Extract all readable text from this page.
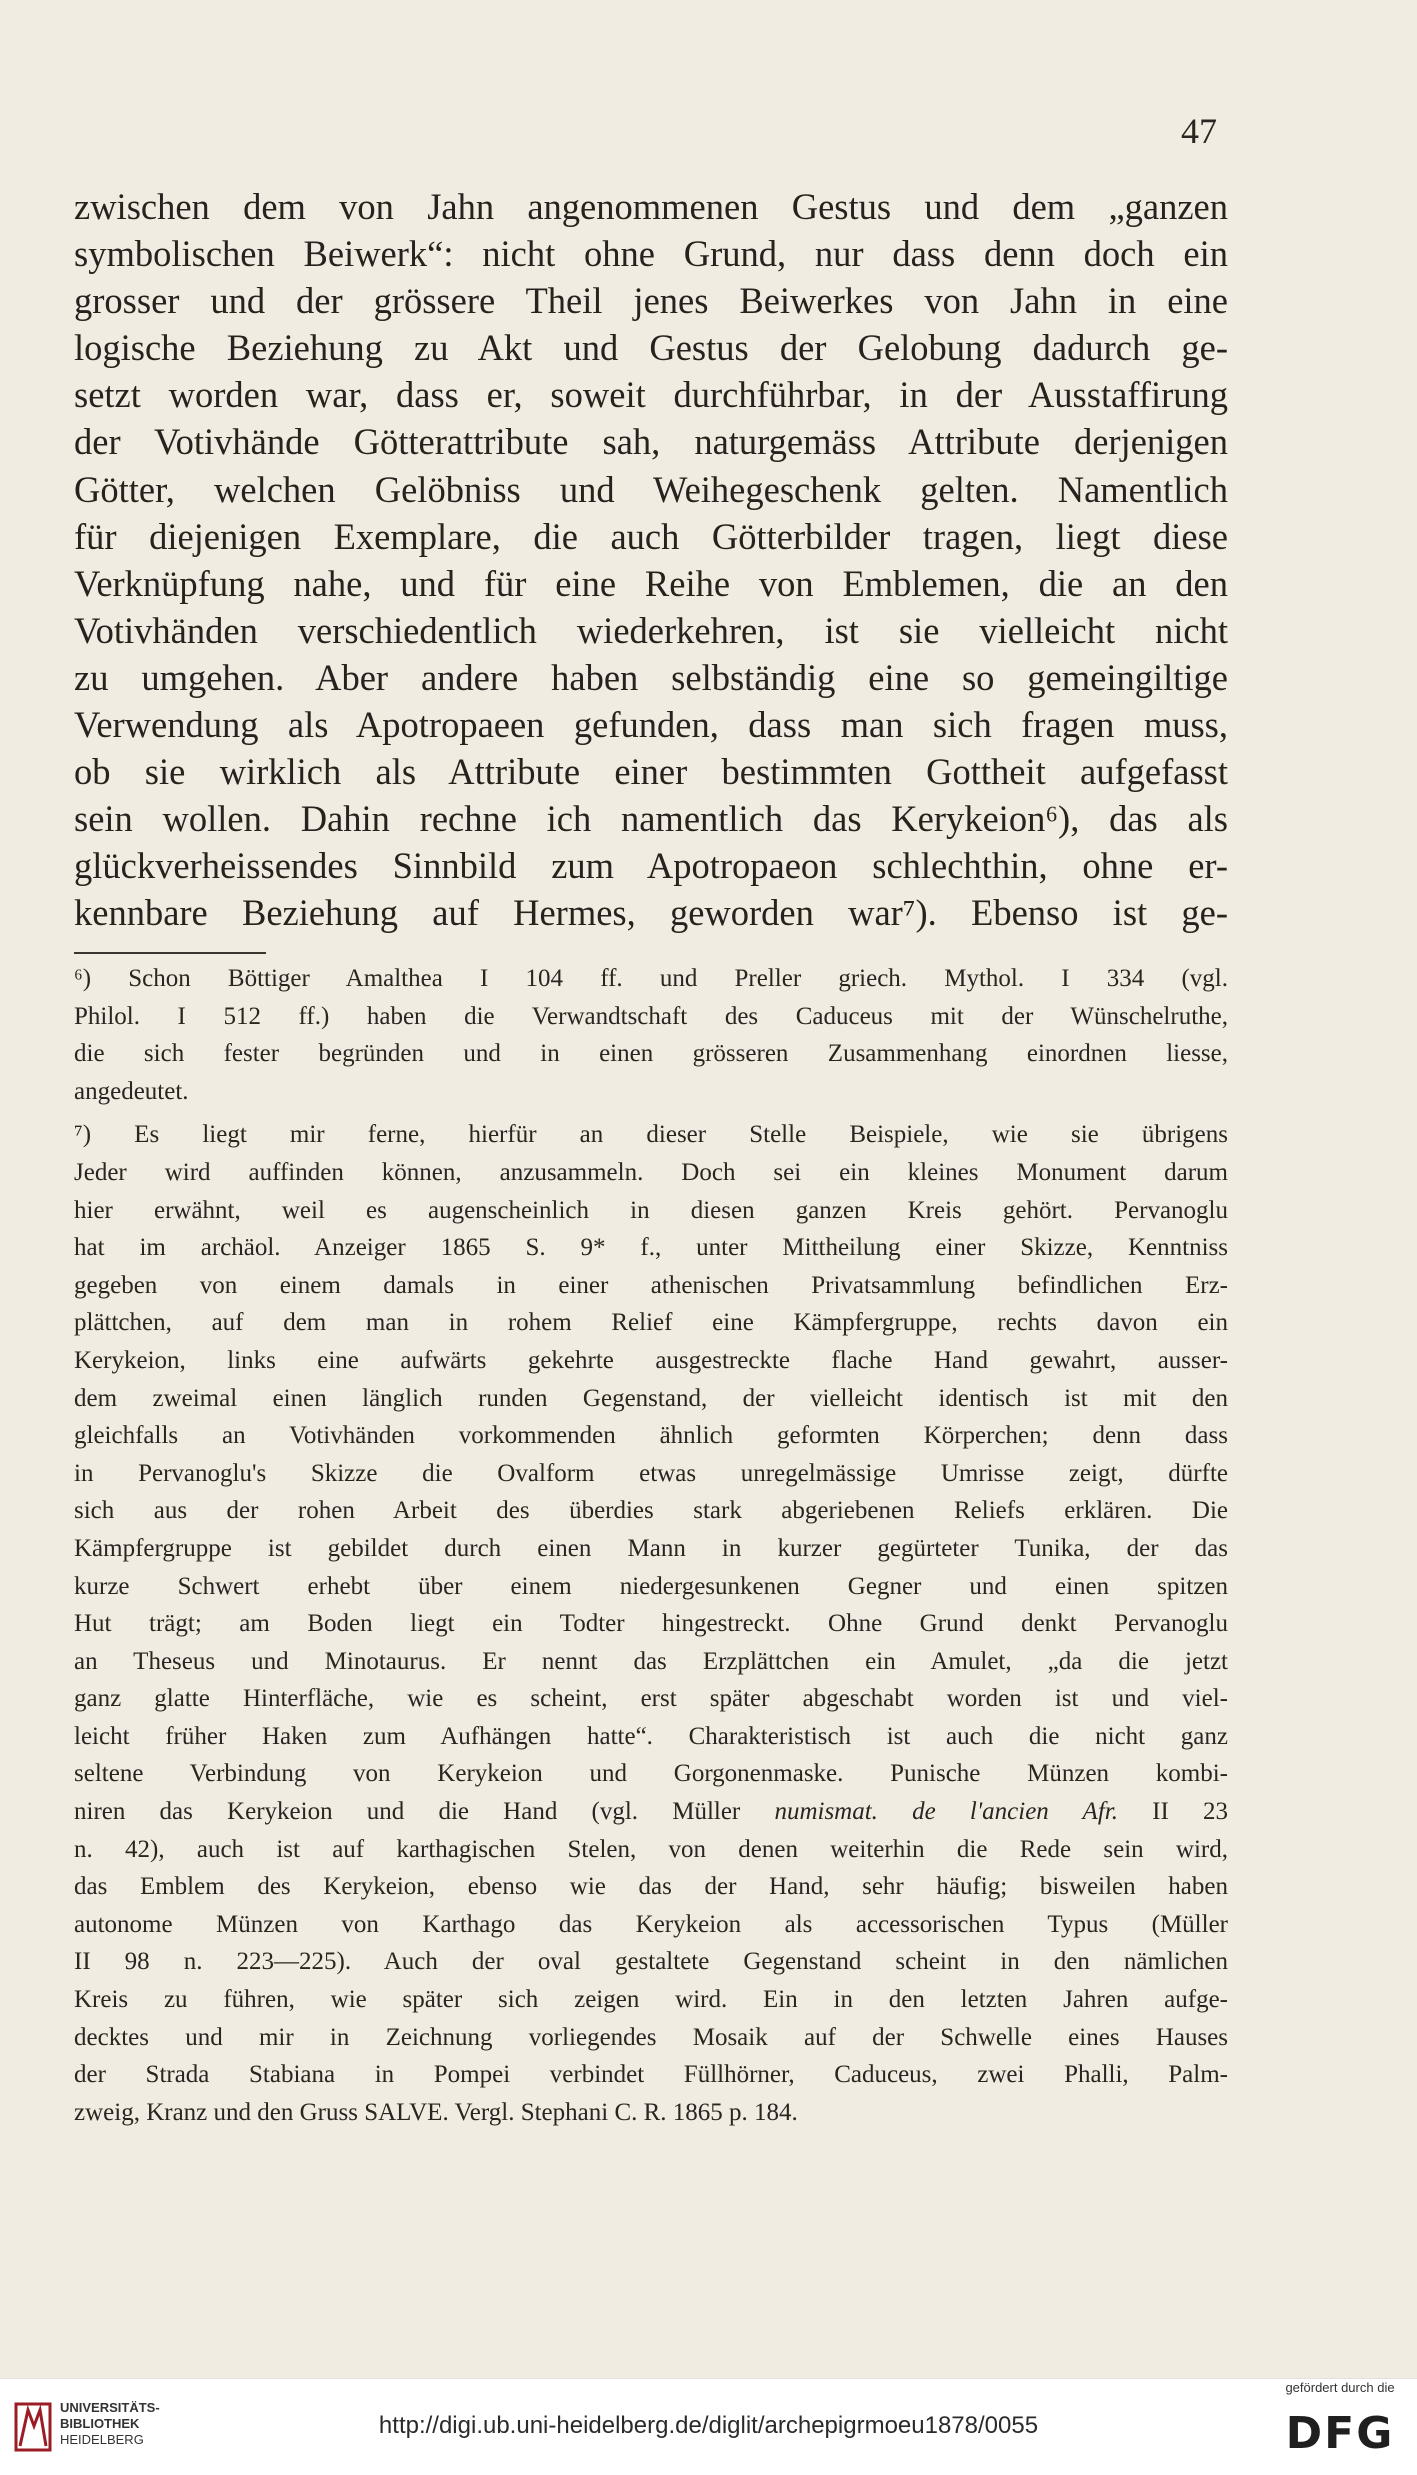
47
zwischen dem von Jahn angenommenen Gestus und dem „ganzen
symbolischen Beiwerk“: nicht ohne Grund, nur dass denn doch ein
grosser und der grössere Theil jenes Beiwerkes von Jahn in eine
logische Beziehung zu Akt und Gestus der Gelobung dadurch ge-
setzt worden war, dass er, soweit durchführbar, in der Ausstaffirung
der Votivhände Götterattribute sah, naturgemäss Attribute derjenigen
Götter, welchen Gelöbniss und Weihegeschenk gelten. Namentlich
für diejenigen Exemplare, die auch Götterbilder tragen, liegt diese
Verknüpfung nahe, und für eine Reihe von Emblemen, die an den
Votivhänden verschiedentlich wiederkehren, ist sie vielleicht nicht
zu umgehen. Aber andere haben selbständig eine so gemeingiltige
Verwendung als Apotropaeen gefunden, dass man sich fragen muss,
ob sie wirklich als Attribute einer bestimmten Gottheit aufgefasst
sein wollen. Dahin rechne ich namentlich das Kerykeion⁶), das als
glückverheissendes Sinnbild zum Apotropaeon schlechthin, ohne er-
kennbare Beziehung auf Hermes, geworden war⁷). Ebenso ist ge-
⁶) Schon Böttiger Amalthea I 104 ff. und Preller griech. Mythol. I 334 (vgl.
Philol. I 512 ff.) haben die Verwandtschaft des Caduceus mit der Wünschelruthe,
die sich fester begründen und in einen grösseren Zusammenhang einordnen liesse,
angedeutet.
⁷) Es liegt mir ferne, hierfür an dieser Stelle Beispiele, wie sie übrigens
Jeder wird auffinden können, anzusammeln. Doch sei ein kleines Monument darum
hier erwähnt, weil es augenscheinlich in diesen ganzen Kreis gehört. Pervanoglu
hat im archäol. Anzeiger 1865 S. 9* f., unter Mittheilung einer Skizze, Kenntniss
gegeben von einem damals in einer athenischen Privatsammlung befindlichen Erz-
plättchen, auf dem man in rohem Relief eine Kämpfergruppe, rechts davon ein
Kerykeion, links eine aufwärts gekehrte ausgestreckte flache Hand gewahrt, ausser-
dem zweimal einen länglich runden Gegenstand, der vielleicht identisch ist mit den
gleichfalls an Votivhänden vorkommenden ähnlich geformten Körperchen; denn dass
in Pervanoglu's Skizze die Ovalform etwas unregelmässige Umrisse zeigt, dürfte
sich aus der rohen Arbeit des überdies stark abgeriebenen Reliefs erklären. Die
Kämpfergruppe ist gebildet durch einen Mann in kurzer gegürteter Tunika, der das
kurze Schwert erhebt über einem niedergesunkenen Gegner und einen spitzen
Hut trägt; am Boden liegt ein Todter hingestreckt. Ohne Grund denkt Pervanoglu
an Theseus und Minotaurus. Er nennt das Erzplättchen ein Amulet, „da die jetzt
ganz glatte Hinterfläche, wie es scheint, erst später abgeschabt worden ist und viel-
leicht früher Haken zum Aufhängen hatte“. Charakteristisch ist auch die nicht ganz
seltene Verbindung von Kerykeion und Gorgonenmaske. Punische Münzen kombi-
niren das Kerykeion und die Hand (vgl. Müller numismat. de l'ancien Afr. II 23
n. 42), auch ist auf karthagischen Stelen, von denen weiterhin die Rede sein wird,
das Emblem des Kerykeion, ebenso wie das der Hand, sehr häufig; bisweilen haben
autonome Münzen von Karthago das Kerykeion als accessorischen Typus (Müller
II 98 n. 223—225). Auch der oval gestaltete Gegenstand scheint in den nämlichen
Kreis zu führen, wie später sich zeigen wird. Ein in den letzten Jahren aufge-
decktes und mir in Zeichnung vorliegendes Mosaik auf der Schwelle eines Hauses
der Strada Stabiana in Pompei verbindet Füllhörner, Caduceus, zwei Phalli, Palm-
zweig, Kranz und den Gruss SALVE. Vergl. Stephani C. R. 1865 p. 184.
UNIVERSITÄTS-
BIBLIOTHEK
HEIDELBERG
http://digi.ub.uni-heidelberg.de/diglit/archepigrmoeu1878/0055
gefördert durch die
DFG
